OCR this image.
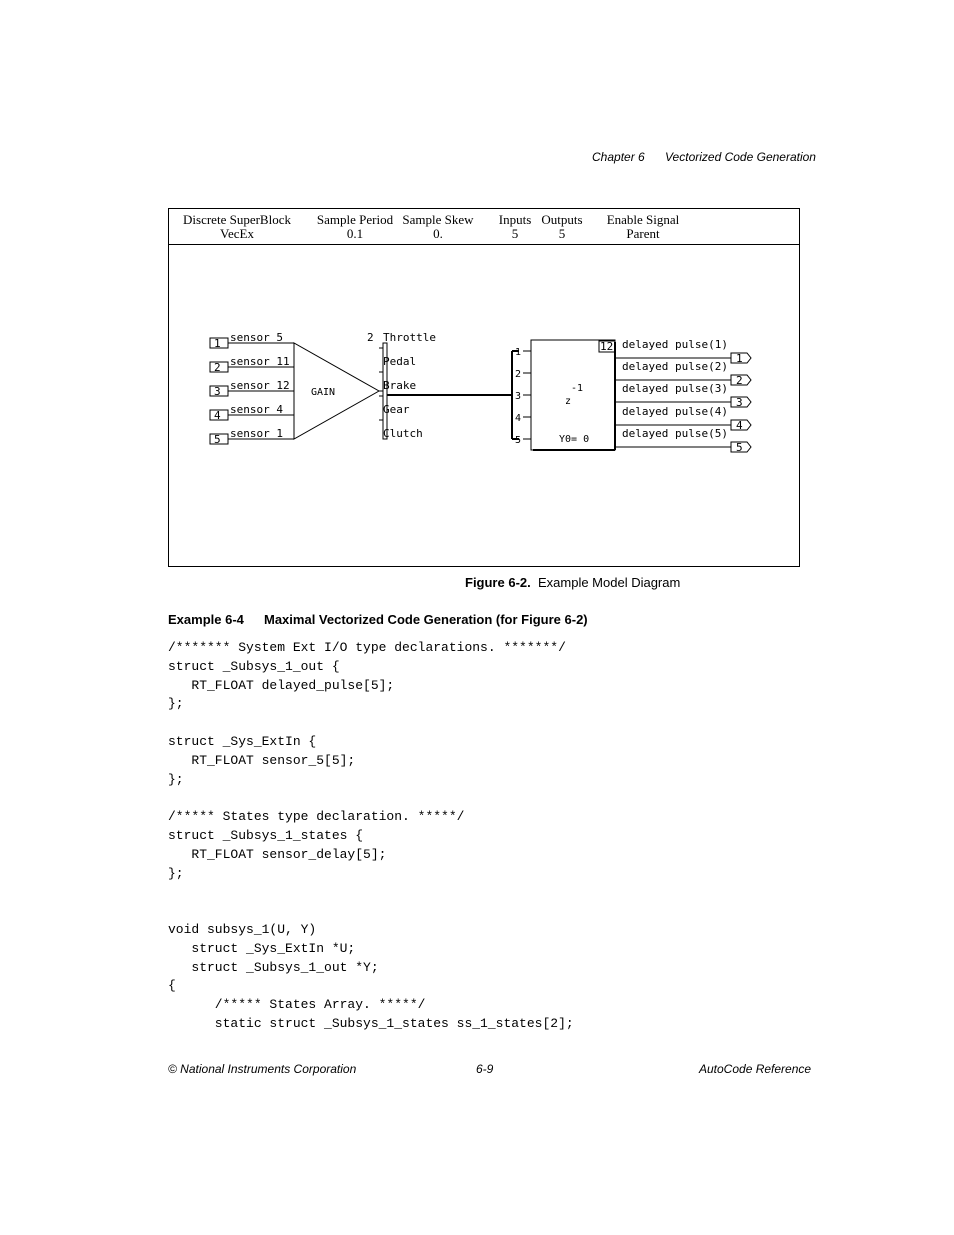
Chapter 6 Vectorized Code Generation
Discrete SuperBlock
VecEx
Sample Period
0.1
Sample Skew
0.
Inputs
5
Outputs
5
Enable Signal
Parent
1
2
3
4
5
sensor 5
sensor 11
sensor 12
sensor 4
sensor 1
GAIN
2 Throttle
Pedal
Brake
Gear
Clutch
1
2
3
4
5
12
-1
z
Y0= 0
delayed pulse(1)
delayed pulse(2)
delayed pulse(3)
delayed pulse(4)
delayed pulse(5)
1
2
3
4
5
Figure 6-2. Example Model Diagram
Example 6-4 Maximal Vectorized Code Generation (for Figure 6-2)
/******* System Ext I/O type declarations. *******/
struct _Subsys_1_out {
RT_FLOAT delayed_pulse[5];
};

struct _Sys_ExtIn {
RT_FLOAT sensor_5[5];
};

/***** States type declaration. *****/
struct _Subsys_1_states {
RT_FLOAT sensor_delay[5];
};

void subsys_1(U, Y)
struct _Sys_ExtIn *U;
struct _Subsys_1_out *Y;
{
/***** States Array. *****/
static struct _Subsys_1_states ss_1_states[2];
© National Instruments Corporation	6-9	AutoCode Reference
